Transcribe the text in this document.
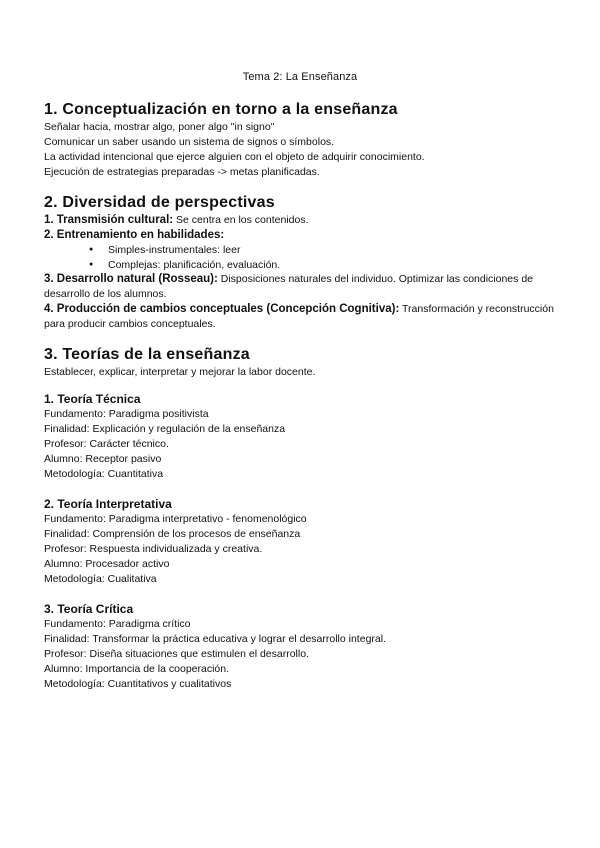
Tema 2: La Enseñanza
1. Conceptualización en torno a la enseñanza

Señalar hacia, mostrar algo, poner algo "in signo"

Comunicar un saber usando un sistema de signos o símbolos.

La actividad intencional que ejerce alguien con el objeto de adquirir conocimiento.

Ejecución de estrategias preparadas -> metas planificadas.

2. Diversidad de perspectivas

1. Transmisión cultural: Se centra en los contenidos.

2. Entrenamiento en habilidades:

● Simples-instrumentales: leer
● Complejas: planificación, evaluación.

3. Desarrollo natural (Rosseau): Disposiciones naturales del individuo. Optimizar las condiciones de desarrollo de los alumnos.

4. Producción de cambios conceptuales (Concepción Cognitiva): Transformación y reconstrucción para producir cambios conceptuales.

3. Teorías de la enseñanza

Establecer, explicar, interpretar y mejorar la labor docente.

1. Teoría Técnica

Fundamento: Paradigma positivista

Finalidad: Explicación y regulación de la enseñanza

Profesor: Carácter técnico.

Alumno: Receptor pasivo

Metodología: Cuantitativa

2. Teoría Interpretativa

Fundamento: Paradigma interpretativo - fenomenológico

Finalidad: Comprensión de los procesos de enseñanza

Profesor: Respuesta individualizada y creativa.

Alumno: Procesador activo

Metodología: Cualitativa

3. Teoría Crítica

Fundamento: Paradigma crítico

Finalidad: Transformar la práctica educativa y lograr el desarrollo integral.

Profesor: Diseña situaciones que estimulen el desarrollo.

Alumno: Importancia de la cooperación.

Metodología: Cuantitativos y cualitativos
